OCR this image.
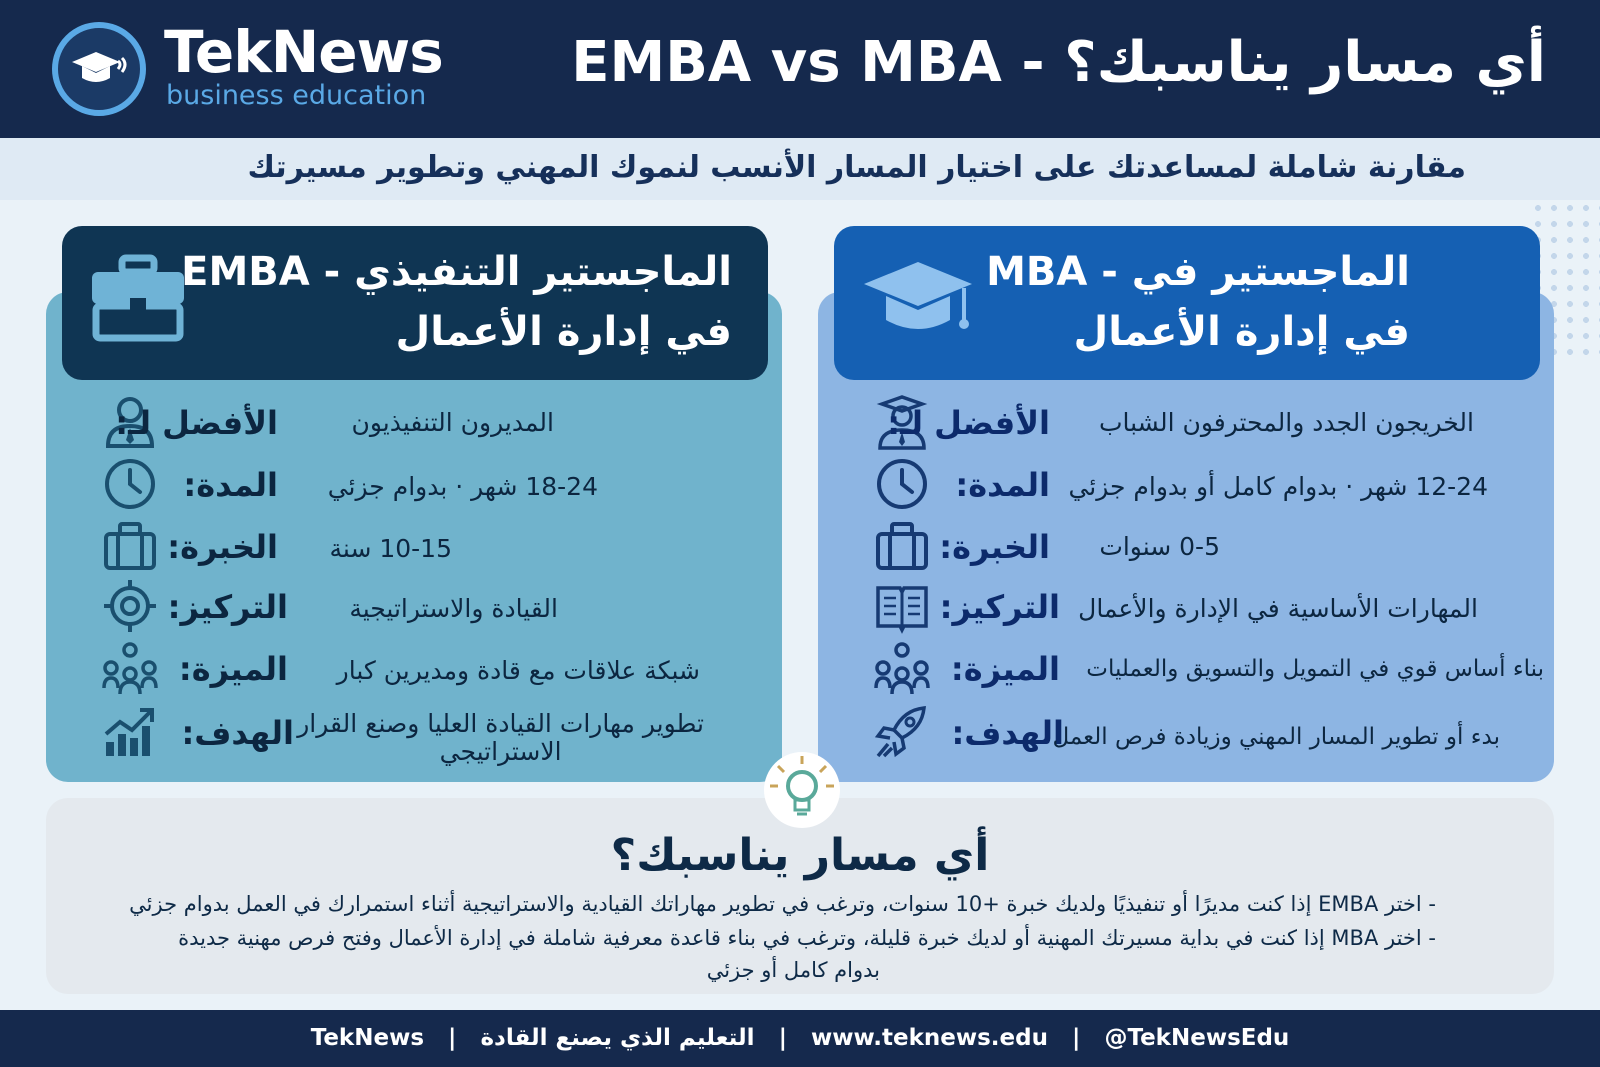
TekNews
business education
أي مسار يناسبك؟ - EMBA vs MBA
مقارنة شاملة لمساعدتك على اختيار المسار الأنسب لنموك المهني وتطوير مسيرتك
الماجستير التنفيذي - EMBA
في إدارة الأعمال
الأفضل لـ:	المديرون التنفيذيون
المدة: 18-24 شهر · بدوام جزئي
الخبرة: 10-15 سنة
التركيز: القيادة والاستراتيجية
الميزة: شبكة علاقات مع قادة ومديرين كبار
الهدف: تطوير مهارات القيادة العليا وصنع القرار
الاستراتيجي
الماجستير في - MBA
في إدارة الأعمال
الأفضل لـ: الخريجون الجدد والمحترفون الشباب
المدة: 12-24 شهر · بدوام كامل أو بدوام جزئي
الخبرة: 0-5 سنوات
التركيز: المهارات الأساسية في الإدارة والأعمال
الميزة: بناء أساس قوي في التمويل والتسويق والعمليات
الهدف:
بدء أو تطوير المسار المهني وزيادة فرص العمل
أي مسار يناسبك؟
- اختر EMBA إذا كنت مديرًا أو تنفيذيًا ولديك خبرة +10 سنوات، وترغب في تطوير مهاراتك القيادية والاستراتيجية أثناء استمرارك في العمل بدوام جزئي
- اختر MBA إذا كنت في بداية مسيرتك المهنية أو لديك خبرة قليلة، وترغب في بناء قاعدة معرفية شاملة في إدارة الأعمال وفتح فرص مهنية جديدة
بدوام كامل أو جزئي
TekNews | التعليم الذي يصنع القادة | www.teknews.edu | @TekNewsEdu
